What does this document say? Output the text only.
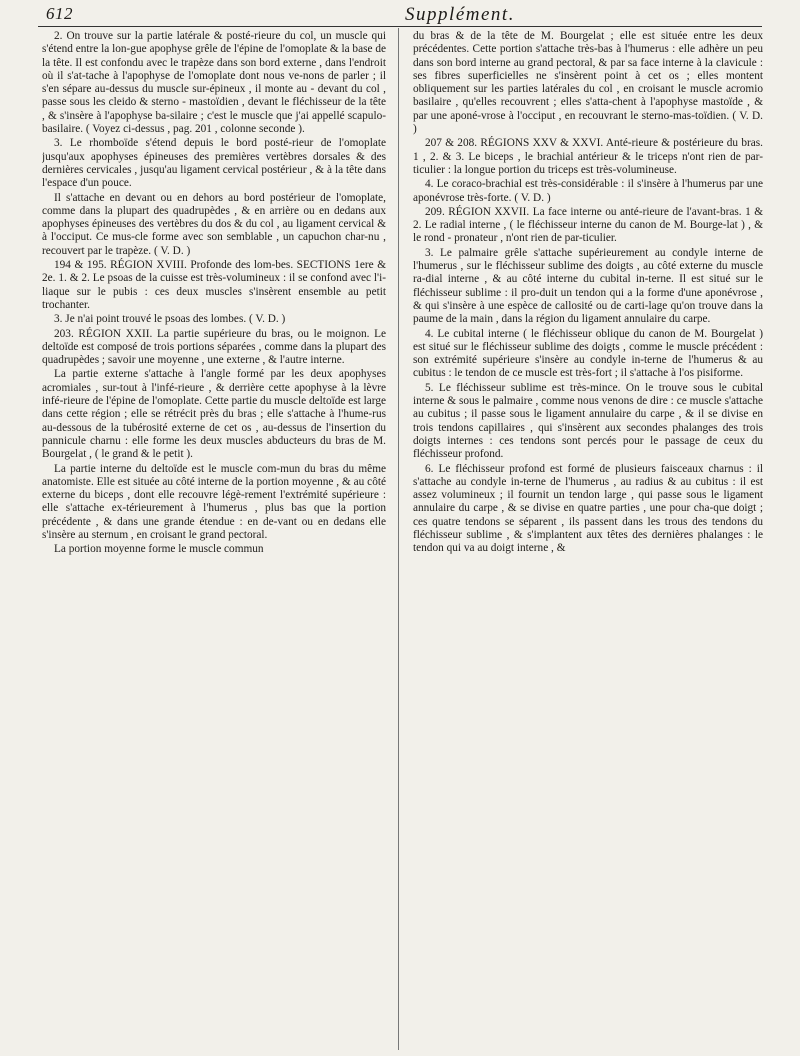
612	Supplément.

2. On trouve sur la partie latérale & posté-rieure du col, un muscle qui s'étend entre la lon-gue apophyse grêle de l'épine de l'omoplate & la base de la tête. Il est confondu avec le trapèze dans son bord externe , dans l'endroit où il s'at-tache à l'apophyse de l'omoplate dont nous ve-nons de parler ; il s'en sépare au-dessus du muscle sur-épineux , il monte au - devant du col , passe sous les cleido & sterno - mastoïdien , devant le fléchisseur de la tête , & s'insère à l'apophyse ba-silaire ; c'est le muscle que j'ai appellé scapulo-basilaire. ( Voyez ci-dessus , pag. 201 , colonne seconde ).

3. Le rhomboïde s'étend depuis le bord posté-rieur de l'omoplate jusqu'aux apophyses épineuses des premières vertèbres dorsales & des dernières cervicales , jusqu'au ligament cervical postérieur , & à la tête dans l'espace d'un pouce.

Il s'attache en devant ou en dehors au bord postérieur de l'omoplate, comme dans la plupart des quadrupèdes , & en arrière ou en dedans aux apophyses épineuses des vertèbres du dos & du col , au ligament cervical & à l'occiput. Ce mus-cle forme avec son semblable , un capuchon char-nu , recouvert par le trapèze. ( V. D. )

194 & 195. RÉGION XVIII. Profonde des lom-bes. SECTIONS 1ere & 2e. 1. & 2. Le psoas de la cuisse est très-volumineux : il se confond avec l'i-liaque sur le pubis : ces deux muscles s'insèrent ensemble au petit trochanter.

3. Je n'ai point trouvé le psoas des lombes. ( V. D. )

203. RÉGION XXII. La partie supérieure du bras, ou le moignon. Le deltoïde est composé de trois portions séparées , comme dans la plupart des quadrupèdes ; savoir une moyenne , une externe , & l'autre interne.

La partie externe s'attache à l'angle formé par les deux apophyses acromiales , sur-tout à l'infé-rieure , & derrière cette apophyse à la lèvre infé-rieure de l'épine de l'omoplate. Cette partie du muscle deltoïde est large dans cette région ; elle se rétrécit près du bras ; elle s'attache à l'hume-rus au-dessous de la tubérosité externe de cet os , au-dessus de l'insertion du pannicule charnu : elle forme les deux muscles abducteurs du bras de M. Bourgelat , ( le grand & le petit ).

La partie interne du deltoïde est le muscle com-mun du bras du même anatomiste. Elle est située au côté interne de la portion moyenne , & au côté externe du biceps , dont elle recouvre légè-rement l'extrémité supérieure : elle s'attache ex-térieurement à l'humerus , plus bas que la portion précédente , & dans une grande étendue : en de-vant ou en dedans elle s'insère au sternum , en croisant le grand pectoral.

La portion moyenne forme le muscle commun

du bras & de la tête de M. Bourgelat ; elle est située entre les deux précédentes. Cette portion s'attache très-bas à l'humerus : elle adhère un peu dans son bord interne au grand pectoral, & par sa face interne à la clavicule : ses fibres superficielles ne s'insèrent point à cet os ; elles montent obliquement sur les parties latérales du col , en croisant le muscle acromio basilaire , qu'elles recouvrent ; elles s'atta-chent à l'apophyse mastoïde , & par une aponé-vrose à l'occiput , en recouvrant le sterno-mas-toïdien. ( V. D. )

207 & 208. RÉGIONS XXV & XXVI. Anté-rieure & postérieure du bras. 1 , 2. & 3. Le biceps , le brachial antérieur & le triceps n'ont rien de par-ticulier : la longue portion du triceps est très-volumineuse.

4. Le coraco-brachial est très-considérable : il s'insère à l'humerus par une aponévrose très-forte. ( V. D. )

209. RÉGION XXVII. La face interne ou anté-rieure de l'avant-bras. 1 & 2. Le radial interne , ( le fléchisseur interne du canon de M. Bourge-lat ) , & le rond - pronateur , n'ont rien de par-ticulier.

3. Le palmaire grêle s'attache supérieurement au condyle interne de l'humerus , sur le fléchisseur sublime des doigts , au côté externe du muscle ra-dial interne , & au côté interne du cubital in-terne. Il est situé sur le fléchisseur sublime : il pro-duit un tendon qui a la forme d'une aponévrose , & qui s'insère à une espèce de callosité ou de carti-lage qu'on trouve dans la paume de la main , dans la région du ligament annulaire du carpe.

4. Le cubital interne ( le fléchisseur oblique du canon de M. Bourgelat ) est situé sur le fléchisseur sublime des doigts , comme le muscle précédent : son extrémité supérieure s'insère au condyle in-terne de l'humerus & au cubitus : le tendon de ce muscle est très-fort ; il s'attache à l'os pisiforme.

5. Le fléchisseur sublime est très-mince. On le trouve sous le cubital interne & sous le palmaire , comme nous venons de dire : ce muscle s'attache au cubitus ; il passe sous le ligament annulaire du carpe , & il se divise en trois tendons capillaires , qui s'insèrent aux secondes phalanges des trois doigts internes : ces tendons sont percés pour le passage de ceux du fléchisseur profond.

6. Le fléchisseur profond est formé de plusieurs faisceaux charnus : il s'attache au condyle in-terne de l'humerus , au radius & au cubitus : il est assez volumineux ; il fournit un tendon large , qui passe sous le ligament annulaire du carpe , & se divise en quatre parties , une pour cha-que doigt ; ces quatre tendons se séparent , ils passent dans les trous des tendons du fléchisseur sublime , & s'implantent aux têtes des dernières phalanges : le tendon qui va au doigt interne , &
